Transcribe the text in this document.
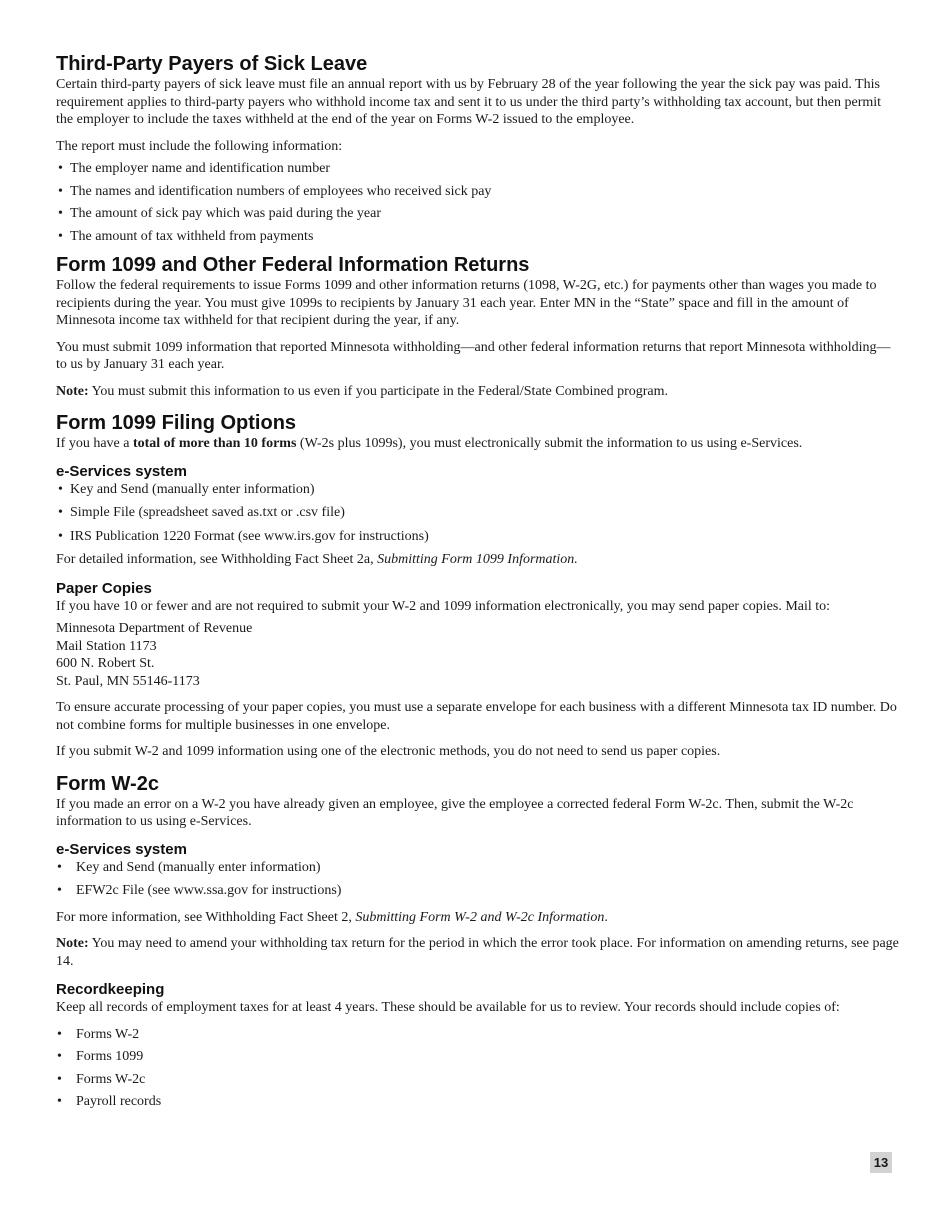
Third-Party Payers of Sick Leave

Certain third-party payers of sick leave must file an annual report with us by February 28 of the year following the year the sick pay was paid. This requirement applies to third-party payers who withhold income tax and sent it to us under the third party’s withholding tax account, but then permit the employer to include the taxes withheld at the end of the year on Forms W-2 issued to the employee.

The report must include the following information:

• The employer name and identification number
• The names and identification numbers of employees who received sick pay
• The amount of sick pay which was paid during the year
• The amount of tax withheld from payments
Form 1099 and Other Federal Information Returns

Follow the federal requirements to issue Forms 1099 and other information returns (1098, W-2G, etc.) for payments other than wages you made to recipients during the year. You must give 1099s to recipients by January 31 each year. Enter MN in the “State” space and fill in the amount of Minnesota income tax withheld for that recipient during the year, if any.

You must submit 1099 information that reported Minnesota withholding—and other federal information returns that report Minnesota withholding—to us by January 31 each year.

Note: You must submit this information to us even if you participate in the Federal/State Combined program.

Form 1099 Filing Options

If you have a total of more than 10 forms (W-2s plus 1099s), you must electronically submit the information to us using e-Services.

e-Services system
• Key and Send (manually enter information)
• Simple File (spreadsheet saved as.txt or .csv file)
• IRS Publication 1220 Format (see www.irs.gov for instructions)

For detailed information, see Withholding Fact Sheet 2a, Submitting Form 1099 Information.

Paper Copies

If you have 10 or fewer and are not required to submit your W-2 and 1099 information electronically, you may send paper copies. Mail to:

Minnesota Department of Revenue

Mail Station 1173

600 N. Robert St.

St. Paul, MN 55146-1173

To ensure accurate processing of your paper copies, you must use a separate envelope for each business with a different Minnesota tax ID number. Do not combine forms for multiple businesses in one envelope.

If you submit W-2 and 1099 information using one of the electronic methods, you do not need to send us paper copies.

Form W-2c

If you made an error on a W-2 you have already given an employee, give the employee a corrected federal Form W-2c. Then, submit the W-2c information to us using e-Services.

e-Services system
• Key and Send (manually enter information)
• EFW2c File (see www.ssa.gov for instructions)

For more information, see Withholding Fact Sheet 2, Submitting Form W-2 and W-2c Information.

Note: You may need to amend your withholding tax return for the period in which the error took place. For information on amending returns, see page 14.

Recordkeeping

Keep all records of employment taxes for at least 4 years. These should be available for us to review. Your records should include copies of:

• Forms W-2
• Forms 1099
• Forms W-2c
• Payroll records
13
